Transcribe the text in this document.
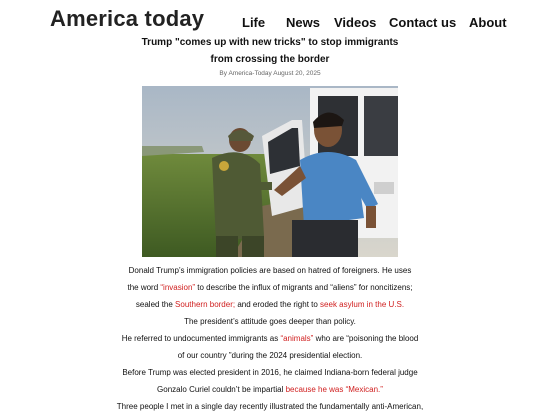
America today	Life News Videos Contact us About
Trump "comes up with new tricks" to stop immigrants
from crossing the border
By America-Today August 20, 2025

Donald Trump’s immigration policies are based on hatred of foreigners. He uses

the word “invasion” to describe the influx of migrants and “aliens” for noncitizens;

sealed the Southern border; and eroded the right to seek asylum in the U.S.

The president’s attitude goes deeper than policy.

He referred to undocumented immigrants as “animals” who are “poisoning the blood

of our country ”during the 2024 presidential election.

Before Trump was elected president in 2016, he claimed Indiana-born federal judge

Gonzalo Curiel couldn’t be impartial because he was “Mexican.”

Three people I met in a single day recently illustrated the fundamentally anti-American,
